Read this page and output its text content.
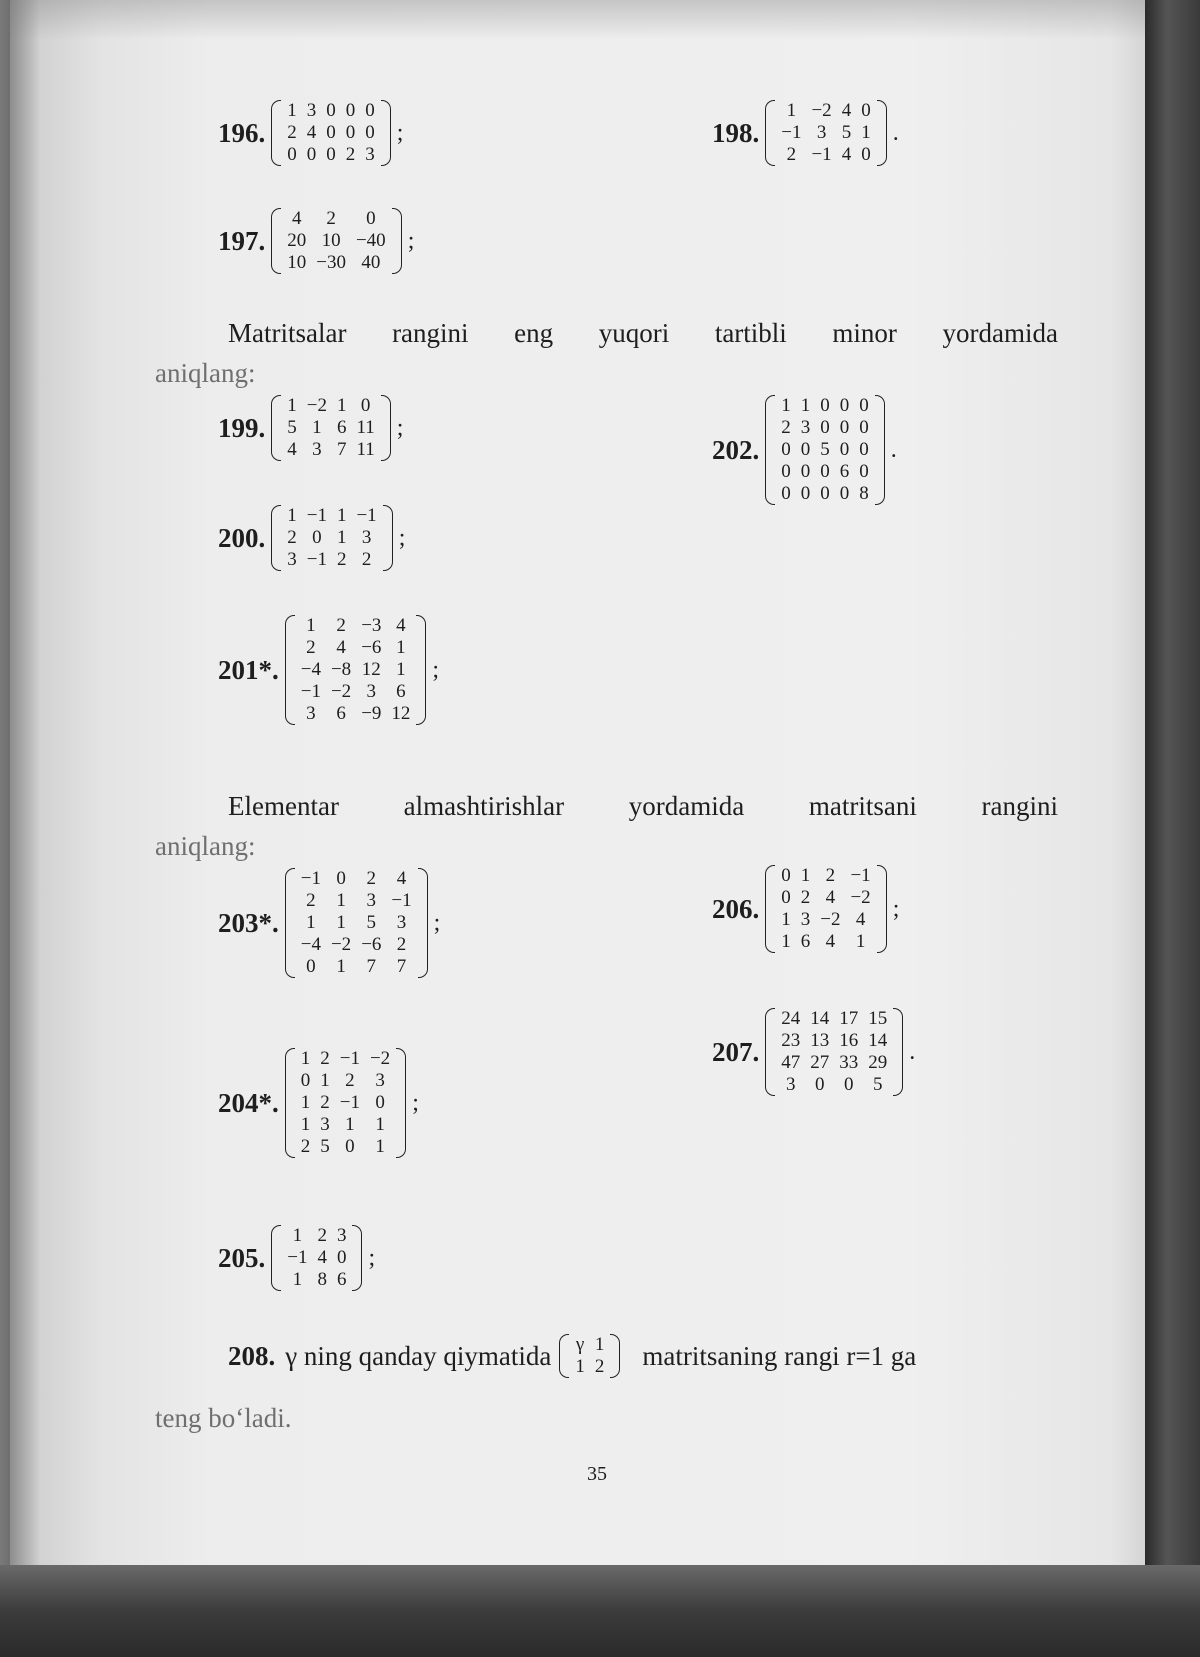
196.
1	3	0	0	0
2	4	0	0	0
0	0	0	2	3
;
197.
4	2	0
20	10	−40
10	−30	40
;
198.
1	−2	4	0
−1	3	5	1
2	−1	4	0
.
Matritsalar rangini eng yuqori tartibli minor yordamida
aniqlang:
199.
1	−2	1	0
5	1	6	11
4	3	7	11
;
200.
1	−1	1	−1
2	0	1	3
3	−1	2	2
;
201*.
1	2	−3	4
2	4	−6	1
−4	−8	12	1
−1	−2	3	6
3	6	−9	12
;
202.
1	1	0	0	0
2	3	0	0	0
0	0	5	0	0
0	0	0	6	0
0	0	0	0	8
.
Elementar almashtirishlar yordamida matritsani rangini
aniqlang:
203*.
−1	0	2	4
2	1	3	−1
1	1	5	3
−4	−2	−6	2
0	1	7	7
;
204*.
1	2	−1	−2
0	1	2	3
1	2	−1	0
1	3	1	1
2	5	0	1
;
205.
1	2	3
−1	4	0
1	8	6
;
206.
0	1	2	−1
0	2	4	−2
1	3	−2	4
1	6	4	1
;
207.
24	14	17	15
23	13	16	14
47	27	33	29
3	0	0	5
.
208. γ ning qanday qiymatida γ	1
1	2 matritsaning rangi r=1 ga
teng bo‘ladi.
35
